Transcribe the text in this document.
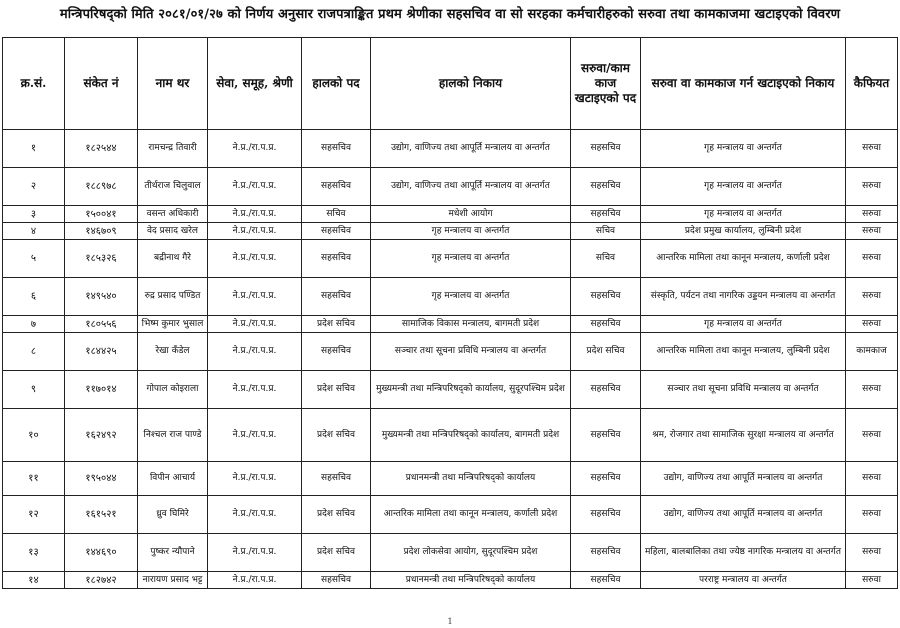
मन्त्रिपरिषद्को मिति २०८१/०१/२७ को निर्णय अनुसार राजपत्राङ्कित प्रथम श्रेणीका सहसचिव वा सो सरहका कर्मचारीहरुको सरुवा तथा कामकाजमा खटाइएको विवरण
क्र.सं.	संकेत नं	नाम थर	सेवा, समूह, श्रेणी	हालको पद	हालको निकाय	सरुवा/काम काज खटाइएको पद	सरुवा वा कामकाज गर्न खटाइएको निकाय	कैफियत
१	१८२५४४	रामचन्द्र तिवारी	ने.प्र./रा.प.प्र.	सहसचिव	उद्योग, वाणिज्य तथा आपूर्ति मन्त्रालय वा अन्तर्गत	सहसचिव	गृह मन्त्रालय वा अन्तर्गत	सरुवा
२	१८८९७८	तीर्थराज चिलुवाल	ने.प्र./रा.प.प्र.	सहसचिव	उद्योग, वाणिज्य तथा आपूर्ति मन्त्रालय वा अन्तर्गत	सहसचिव	गृह मन्त्रालय वा अन्तर्गत	सरुवा
३	१५००४१	वसन्त अधिकारी	ने.प्र./रा.प.प्र.	सचिव	मधेशी आयोग	सहसचिव	गृह मन्त्रालय वा अन्तर्गत	सरुवा
४	१४६७०९	वेद प्रसाद खरेल	ने.प्र./रा.प.प्र.	सहसचिव	गृह मन्त्रालय वा अन्तर्गत	सचिव	प्रदेश प्रमुख कार्यालय, लुम्बिनी प्रदेश	सरुवा
५	१८५३२६	बद्रीनाथ गैरे	ने.प्र./रा.प.प्र.	सहसचिव	गृह मन्त्रालय वा अन्तर्गत	सचिव	आन्तरिक मामिला तथा कानून मन्त्रालय, कर्णाली प्रदेश	सरुवा
६	१४९५४०	रुद्र प्रसाद पण्डित	ने.प्र./रा.प.प्र.	सहसचिव	गृह मन्त्रालय वा अन्तर्गत	सहसचिव	संस्कृति, पर्यटन तथा नागरिक उड्डयन मन्त्रालय वा अन्तर्गत	सरुवा
७	१८०५५६	भिष्म कुमार भुसाल	ने.प्र./रा.प.प्र.	प्रदेश सचिव	सामाजिक विकास मन्त्रालय, बागमती प्रदेश	सहसचिव	गृह मन्त्रालय वा अन्तर्गत	सरुवा
८	१८४४२५	रेखा कँडेल	ने.प्र./रा.प.प्र.	सहसचिव	सञ्चार तथा सूचना प्रविधि मन्त्रालय वा अन्तर्गत	प्रदेश सचिव	आन्तरिक मामिला तथा कानून मन्त्रालय, लुम्बिनी प्रदेश	कामकाज
९	११७०१४	गोपाल कोइराला	ने.प्र./रा.प.प्र.	प्रदेश सचिव	मुख्यमन्त्री तथा मन्त्रिपरिषद्को कार्यालय, सुदूरपश्चिम प्रदेश	सहसचिव	सञ्चार तथा सूचना प्रविधि मन्त्रालय वा अन्तर्गत	सरुवा
१०	१६२४९२	निश्चल राज पाण्डे	ने.प्र./रा.प.प्र.	प्रदेश सचिव	मुख्यमन्त्री तथा मन्त्रिपरिषद्को कार्यालय, बागमती प्रदेश	सहसचिव	श्रम, रोजगार तथा सामाजिक सुरक्षा मन्त्रालय वा अन्तर्गत	सरुवा
११	१९५०४४	विपीन आचार्य	ने.प्र./रा.प.प्र.	सहसचिव	प्रधानमन्त्री तथा मन्त्रिपरिषद्को कार्यालय	सहसचिव	उद्योग, वाणिज्य तथा आपूर्ति मन्त्रालय वा अन्तर्गत	सरुवा
१२	१६१५२१	ध्रुव घिमिरे	ने.प्र./रा.प.प्र.	प्रदेश सचिव	आन्तरिक मामिला तथा कानून मन्त्रालय, कर्णाली प्रदेश	सहसचिव	उद्योग, वाणिज्य तथा आपूर्ति मन्त्रालय वा अन्तर्गत	सरुवा
१३	१४४६९०	पुष्कर न्यौपाने	ने.प्र./रा.प.प्र.	प्रदेश सचिव	प्रदेश लोकसेवा आयोग, सुदूरपश्चिम प्रदेश	सहसचिव	महिला, बालबालिका तथा ज्येष्ठ नागरिक मन्त्रालय वा अन्तर्गत	सरुवा
१४	१८२७४२	नारायण प्रसाद भट्ट	ने.प्र./रा.प.प्र.	सहसचिव	प्रधानमन्त्री तथा मन्त्रिपरिषद्को कार्यालय	सहसचिव	परराष्ट्र मन्त्रालय वा अन्तर्गत	सरुवा
1
